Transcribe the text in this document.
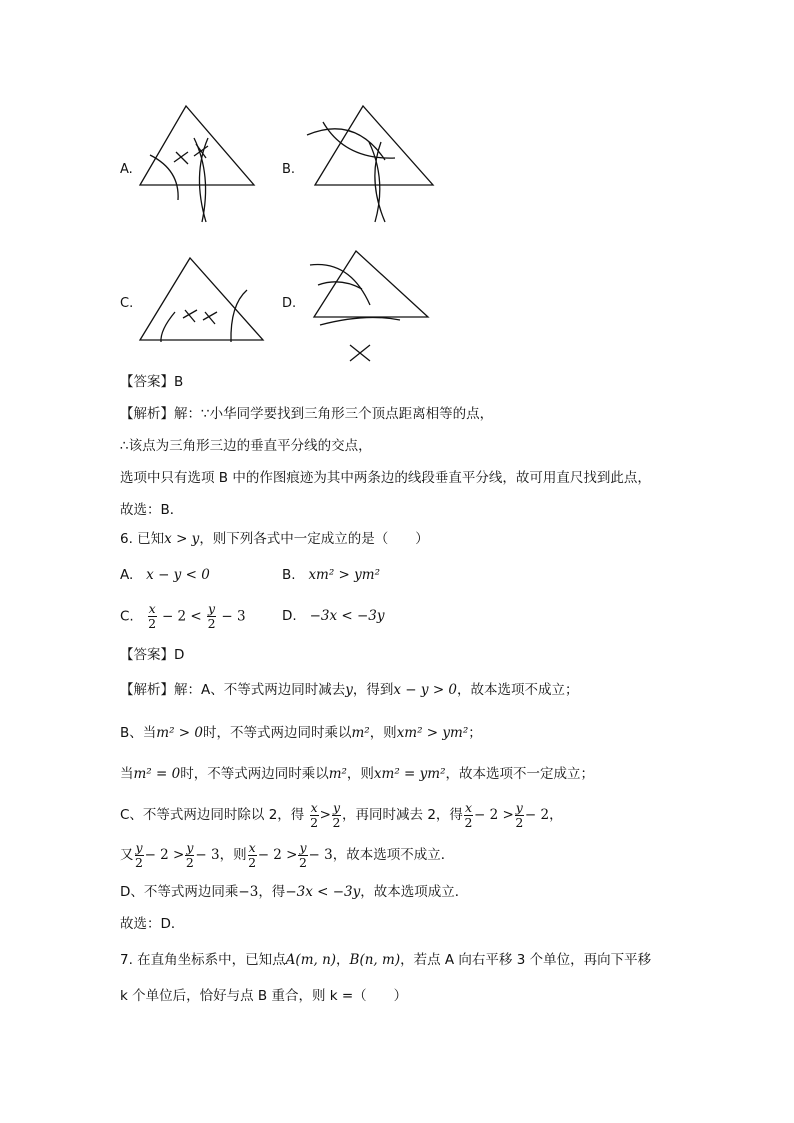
A.	B.
C.	D.
【答案】B
【解析】解：∵小华同学要找到三角形三个顶点距离相等的点，
∴该点为三角形三边的垂直平分线的交点，
选项中只有选项 B 中的作图痕迹为其中两条边的线段垂直平分线，故可用直尺找到此点，
故选：B．
6. 已知x > y，则下列各式中一定成立的是（　　）
A. x − y < 0	B. xm² > ym²
C. $\frac{x}{2} - 2 < \frac{y}{2} - 3$	D. −3x < −3y
【答案】D
【解析】解：A、不等式两边同时减去y，得到x − y > 0，故本选项不成立；
B、当m² > 0时，不等式两边同时乘以m²，则xm² > ym²；
当m² = 0时，不等式两边同时乘以m²，则xm² = ym²，故本选项不一定成立；
C、不等式两边同时除以 2，得 $\frac{x}{2} > \frac{y}{2}$ ，再同时减去 2，得 $\frac{x}{2} - 2 > \frac{y}{2} - 2$，
又 $\frac{y}{2} - 2 > \frac{y}{2} - 3$，则 $\frac{x}{2} - 2 > \frac{y}{2} - 3$，故本选项不成立．
D、不等式两边同乘−3，得−3x < −3y，故本选项成立．
故选：D．
7. 在直角坐标系中，已知点A(m, n)，B(n, m)，若点 A 向右平移 3 个单位，再向下平移
k 个单位后，恰好与点 B 重合，则 k =（　　）
